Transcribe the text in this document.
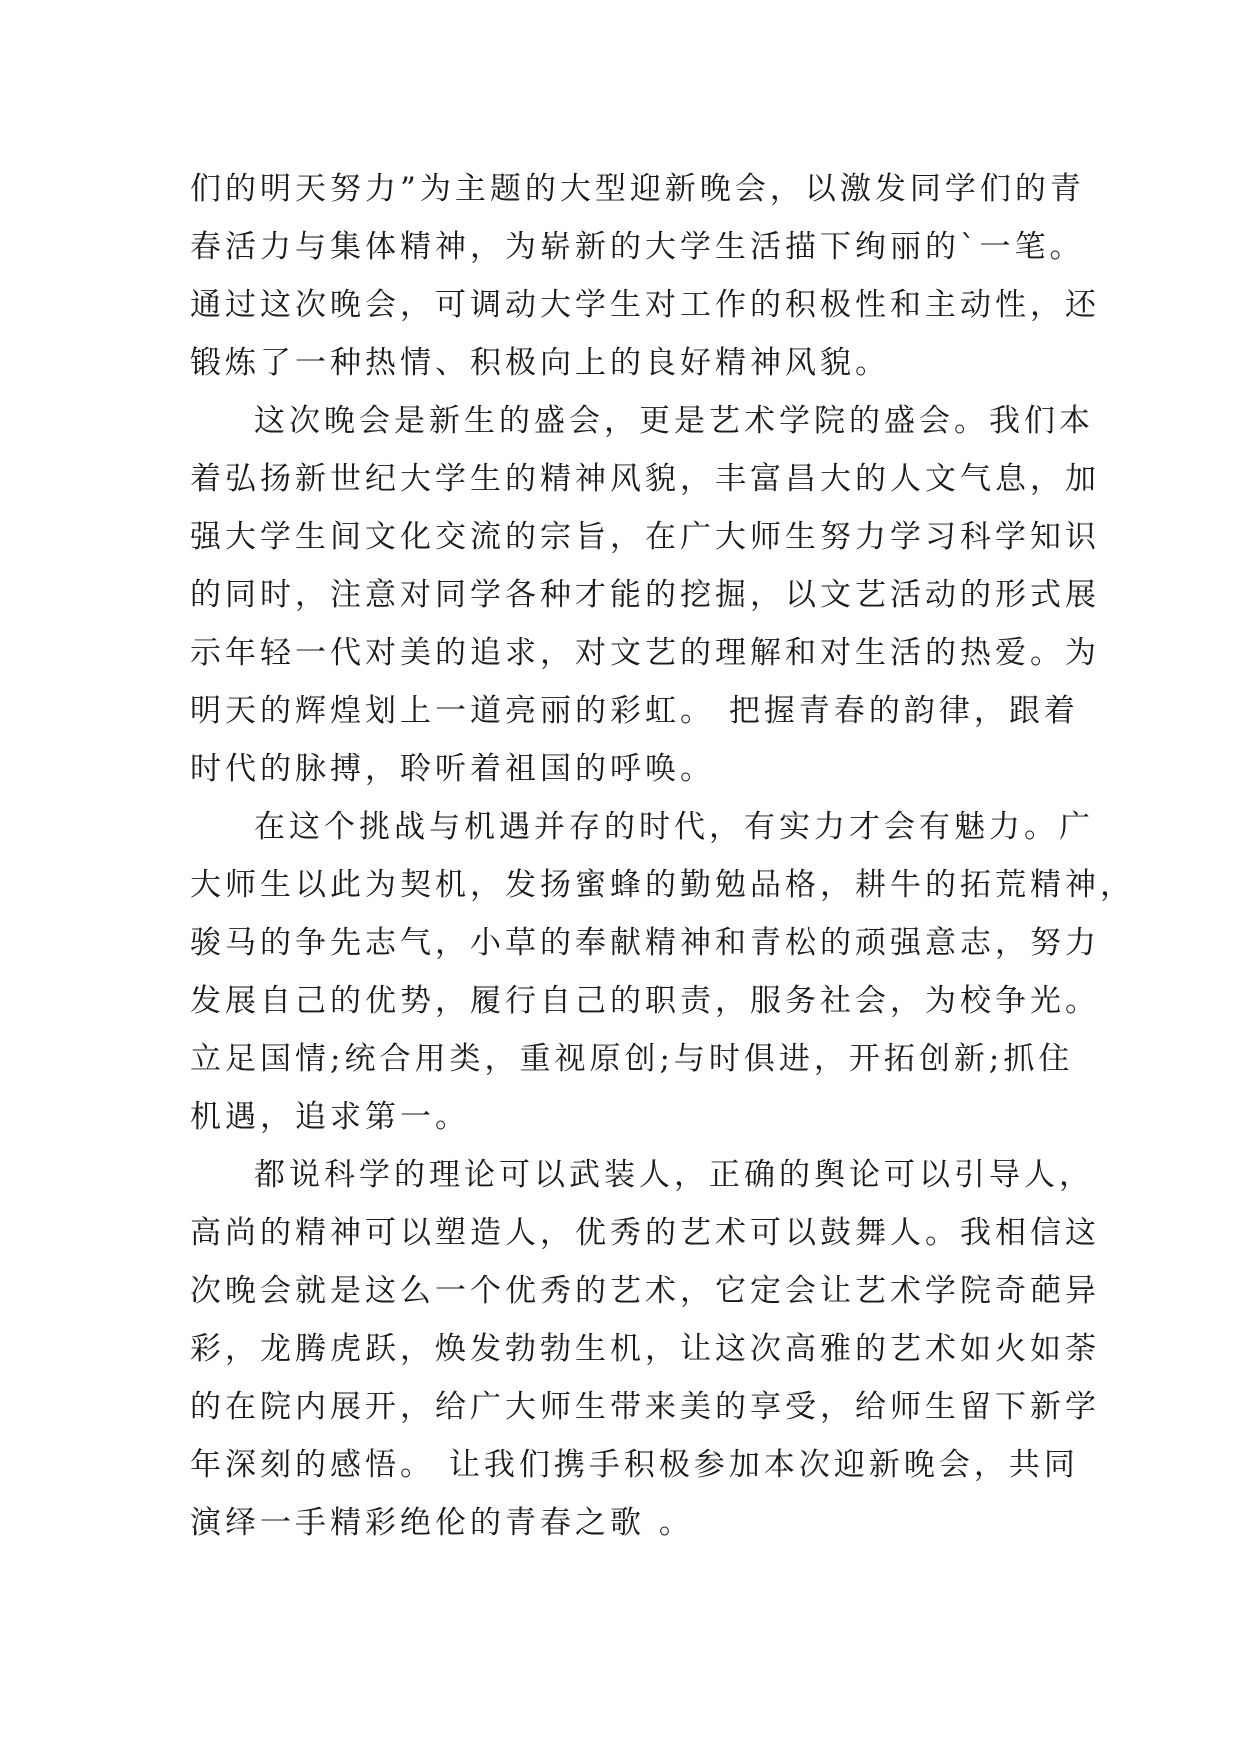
们的明天努力”为主题的大型迎新晚会，以激发同学们的青
春活力与集体精神，为崭新的大学生活描下绚丽的`一笔。
通过这次晚会，可调动大学生对工作的积极性和主动性，还
锻炼了一种热情、积极向上的良好精神风貌。

这次晚会是新生的盛会，更是艺术学院的盛会。我们本
着弘扬新世纪大学生的精神风貌，丰富昌大的人文气息，加
强大学生间文化交流的宗旨，在广大师生努力学习科学知识
的同时，注意对同学各种才能的挖掘，以文艺活动的形式展
示年轻一代对美的追求，对文艺的理解和对生活的热爱。为
明天的辉煌划上一道亮丽的彩虹。 把握青春的韵律，跟着
时代的脉搏，聆听着祖国的呼唤。

在这个挑战与机遇并存的时代，有实力才会有魅力。广
大师生以此为契机，发扬蜜蜂的勤勉品格，耕牛的拓荒精神，
骏马的争先志气，小草的奉献精神和青松的顽强意志，努力
发展自己的优势，履行自己的职责，服务社会，为校争光。
立足国情;统合用类，重视原创;与时俱进，开拓创新;抓住
机遇，追求第一。

都说科学的理论可以武装人，正确的舆论可以引导人，
高尚的精神可以塑造人，优秀的艺术可以鼓舞人。我相信这
次晚会就是这么一个优秀的艺术，它定会让艺术学院奇葩异
彩，龙腾虎跃，焕发勃勃生机，让这次高雅的艺术如火如荼
的在院内展开，给广大师生带来美的享受，给师生留下新学
年深刻的感悟。 让我们携手积极参加本次迎新晚会，共同
演绎一手精彩绝伦的青春之歌 。
